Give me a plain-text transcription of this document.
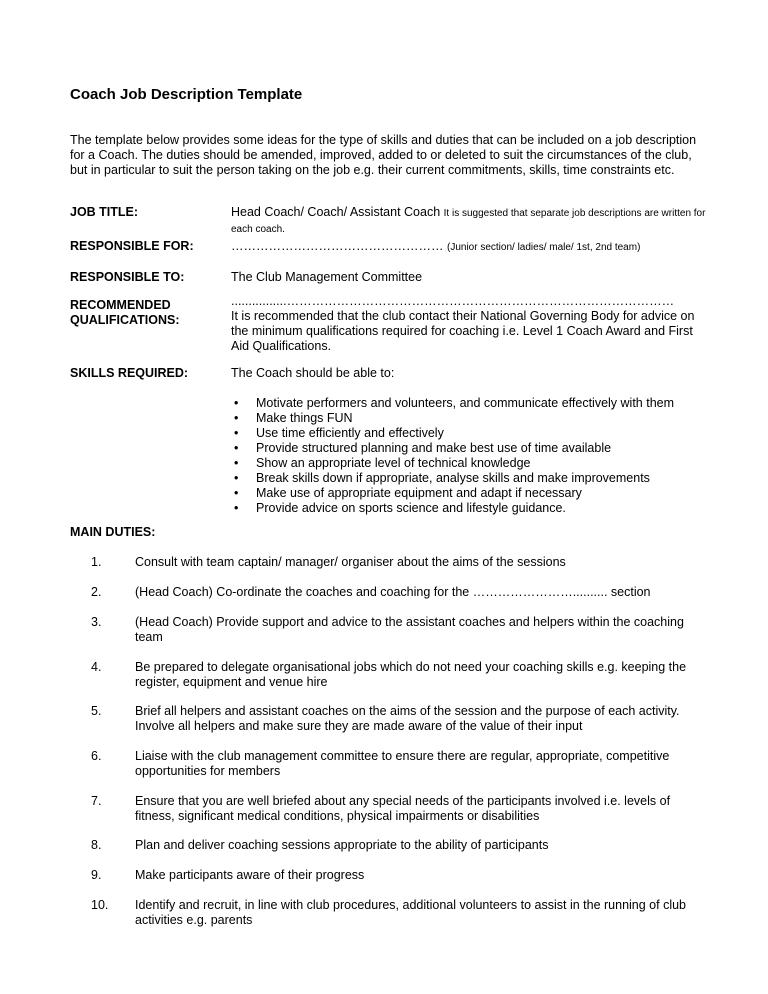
Coach Job Description Template
The template below provides some ideas for the type of skills and duties that can be included on a job description for a Coach. The duties should be amended, improved, added to or deleted to suit the circumstances of the club, but in particular to suit the person taking on the job e.g. their current commitments, skills, time constraints etc.
JOB TITLE:	Head Coach/ Coach/ Assistant Coach It is suggested that separate job descriptions are written for each coach.
RESPONSIBLE FOR:	…………………………………………… (Junior section/ ladies/ male/ 1st, 2nd team)
RESPONSIBLE TO:	The Club Management Committee
RECOMMENDED
QUALIFICATIONS:
................…………………………………………………………………………………
It is recommended that the club contact their National Governing Body for advice on the minimum qualifications required for coaching i.e. Level 1 Coach Award and First Aid Qualifications.
SKILLS REQUIRED:	The Coach should be able to:
• Motivate performers and volunteers, and communicate effectively with them
• Make things FUN
• Use time efficiently and effectively
• Provide structured planning and make best use of time available
• Show an appropriate level of technical knowledge
• Break skills down if appropriate, analyse skills and make improvements
• Make use of appropriate equipment and adapt if necessary
• Provide advice on sports science and lifestyle guidance.
MAIN DUTIES:
1.	Consult with team captain/ manager/ organiser about the aims of the sessions
2.	(Head Coach) Co-ordinate the coaches and coaching for the …………………….......... section
3.	(Head Coach) Provide support and advice to the assistant coaches and helpers within the coaching team
4.	Be prepared to delegate organisational jobs which do not need your coaching skills e.g. keeping the register, equipment and venue hire
5.	Brief all helpers and assistant coaches on the aims of the session and the purpose of each activity. Involve all helpers and make sure they are made aware of the value of their input
6.	Liaise with the club management committee to ensure there are regular, appropriate, competitive opportunities for members
7.	Ensure that you are well briefed about any special needs of the participants involved i.e. levels of fitness, significant medical conditions, physical impairments or disabilities
8.	Plan and deliver coaching sessions appropriate to the ability of participants
9.	Make participants aware of their progress
10. Identify and recruit, in line with club procedures, additional volunteers to assist in the running of club activities e.g. parents
